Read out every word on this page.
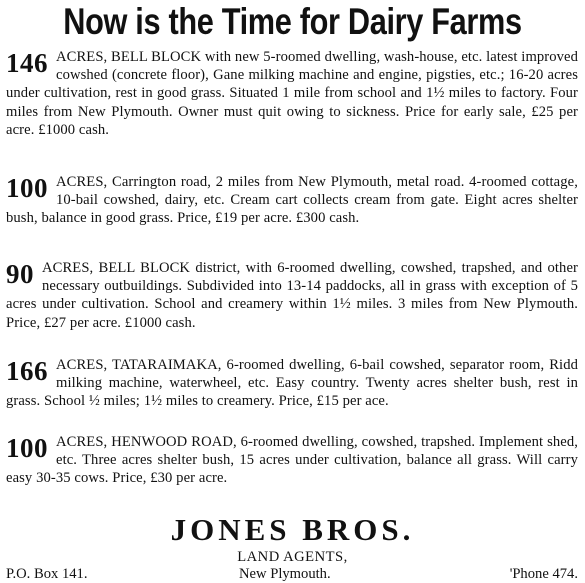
Now is the Time for Dairy Farms
146 ACRES, BELL BLOCK with new 5-roomed dwelling, wash-house, etc. latest improved cowshed (concrete floor), Gane milking machine and engine, pigsties, etc.; 16-20 acres under cultivation, rest in good grass. Situated 1 mile from school and 1½ miles to factory. Four miles from New Plymouth. Owner must quit owing to sickness. Price for early sale, £25 per acre. £1000 cash.
100 ACRES, Carrington road, 2 miles from New Plymouth, metal road. 4-roomed cottage, 10-bail cowshed, dairy, etc. Cream cart collects cream from gate. Eight acres shelter bush, balance in good grass. Price, £19 per acre. £300 cash.
90 ACRES, BELL BLOCK district, with 6-roomed dwelling, cowshed, trapshed, and other necessary outbuildings. Subdivided into 13-14 paddocks, all in grass with exception of 5 acres under cultivation. School and creamery within 1½ miles. 3 miles from New Plymouth. Price, £27 per acre. £1000 cash.
166 ACRES, TATARAIMAKA, 6-roomed dwelling, 6-bail cowshed, separator room, Ridd milking machine, waterwheel, etc. Easy country. Twenty acres shelter bush, rest in grass. School ½ miles; 1½ miles to creamery. Price, £15 per ace.
100 ACRES, HENWOOD ROAD, 6-roomed dwelling, cowshed, trapshed. Implement shed, etc. Three acres shelter bush, 15 acres under cultivation, balance all grass. Will carry easy 30-35 cows. Price, £30 per acre.
JONES BROS.
LAND AGENTS,
P.O. Box 141.	New Plymouth.	'Phone 474.
